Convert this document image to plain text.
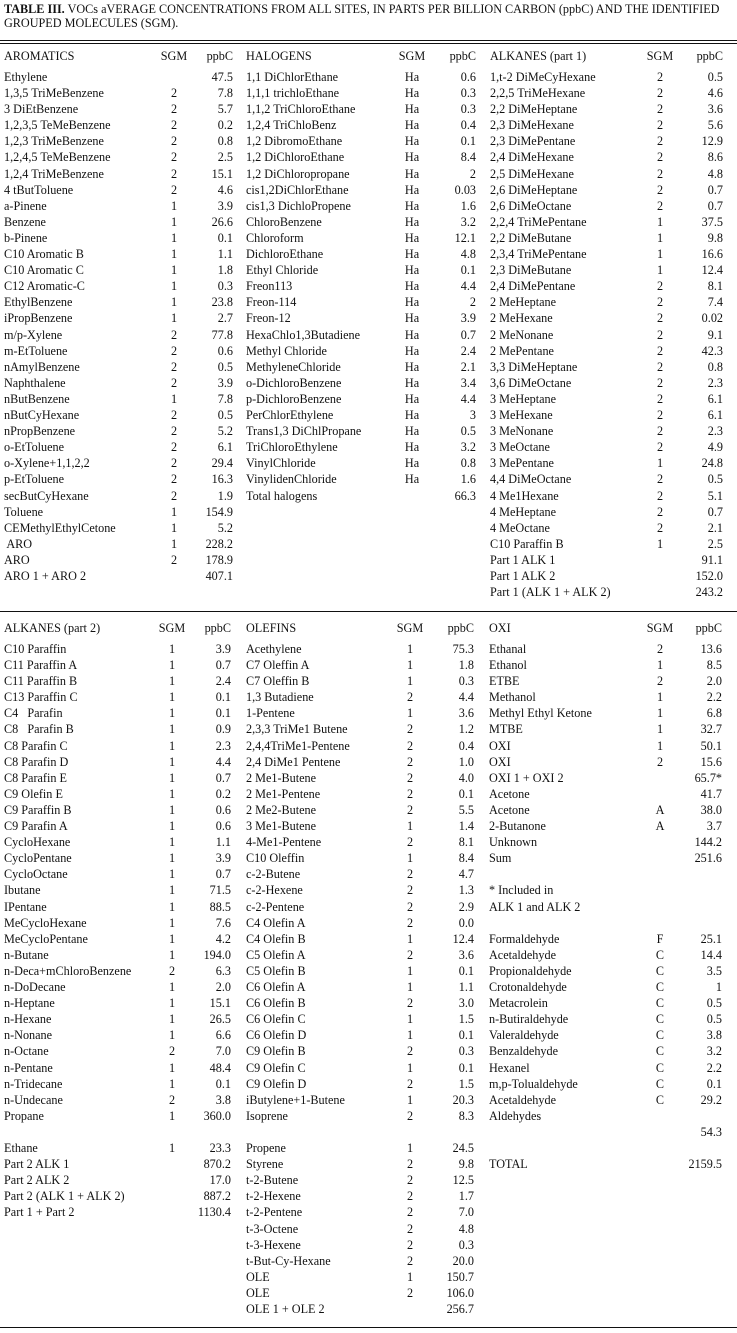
TABLE III. VOCs aVERAGE CONCENTRATIONS FROM ALL SITES, IN PARTS PER BILLION CARBON (ppbC) AND THE IDENTIFIED GROUPED MOLECULES (SGM).
AROMATICS	SGM	ppbC
Ethylene	47.5
1,3,5 TriMeBenzene	2	7.8
3 DiEtBenzene	2	5.7
1,2,3,5 TeMeBenzene	2	0.2
1,2,3 TriMeBenzene	2	0.8
1,2,4,5 TeMeBenzene	2	2.5
1,2,4 TriMeBenzene	2	15.1
4 tButToluene	2	4.6
a-Pinene	1	3.9
Benzene	1	26.6
b-Pinene	1	0.1
C10 Aromatic B	1	1.1
C10 Aromatic C	1	1.8
C12 Aromatic-C	1	0.3
EthylBenzene	1	23.8
iPropBenzene	1	2.7
m/p-Xylene	2	77.8
m-EtToluene	2	0.6
nAmylBenzene	2	0.5
Naphthalene	2	3.9
nButBenzene	1	7.8
nButCyHexane	2	0.5
nPropBenzene	2	5.2
o-EtToluene	2	6.1
o-Xylene+1,1,2,2	2	29.4
p-EtToluene	2	16.3
secButCyHexane	2	1.9
Toluene	1	154.9
CEMethylEthylCetone	1	5.2
ARO	1	228.2
ARO	2	178.9
ARO 1 + ARO 2	407.1
HALOGENS	SGM	ppbC
1,1 DiChlorEthane	Ha	0.6
1,1,1 trichloEthane	Ha	0.3
1,1,2 TriChloroEthane	Ha	0.3
1,2,4 TriChloBenz	Ha	0.4
1,2 DibromoEthane	Ha	0.1
1,2 DiChloroEthane	Ha	8.4
1,2 DiChloropropane	Ha	2
cis1,2DiChlorEthane	Ha	0.03
cis1,3 DichloPropene	Ha	1.6
ChloroBenzene	Ha	3.2
Chloroform	Ha	12.1
DichloroEthane	Ha	4.8
Ethyl Chloride	Ha	0.1
Freon113	Ha	4.4
Freon-114	Ha	2
Freon-12	Ha	3.9
HexaChlo1,3Butadiene	Ha	0.7
Methyl Chloride	Ha	2.4
MethyleneChloride	Ha	2.1
o-DichloroBenzene	Ha	3.4
p-DichloroBenzene	Ha	4.4
PerChlorEthylene	Ha	3
Trans1,3 DiChlPropane	Ha	0.5
TriChloroEthylene	Ha	3.2
VinylChloride	Ha	0.8
VinylidenChloride	Ha	1.6
Total halogens	66.3
ALKANES (part 1)	SGM	ppbC
1,t-2 DiMeCyHexane	2	0.5
2,2,5 TriMeHexane	2	4.6
2,2 DiMeHeptane	2	3.6
2,3 DiMeHexane	2	5.6
2,3 DiMePentane	2	12.9
2,4 DiMeHexane	2	8.6
2,5 DiMeHexane	2	4.8
2,6 DiMeHeptane	2	0.7
2,6 DiMeOctane	2	0.7
2,2,4 TriMePentane	1	37.5
2,2 DiMeButane	1	9.8
2,3,4 TriMePentane	1	16.6
2,3 DiMeButane	1	12.4
2,4 DiMePentane	2	8.1
2 MeHeptane	2	7.4
2 MeHexane	2	0.02
2 MeNonane	2	9.1
2 MePentane	2	42.3
3,3 DiMeHeptane	2	0.8
3,6 DiMeOctane	2	2.3
3 MeHeptane	2	6.1
3 MeHexane	2	6.1
3 MeNonane	2	2.3
3 MeOctane	2	4.9
3 MePentane	1	24.8
4,4 DiMeOctane	2	0.5
4 Me1Hexane	2	5.1
4 MeHeptane	2	0.7
4 MeOctane	2	2.1
C10 Paraffin B	1	2.5
Part 1 ALK 1	91.1
Part 1 ALK 2	152.0
Part 1 (ALK 1 + ALK 2)	243.2
ALKANES (part 2)	SGM	ppbC
C10 Paraffin	1	3.9
C11 Paraffin A	1	0.7
C11 Paraffin B	1	2.4
C13 Paraffin C	1	0.1
C4   Parafin	1	0.1
C8   Parafin B	1	0.9
C8 Parafin C	1	2.3
C8 Parafin D	1	4.4
C8 Parafin E	1	0.7
C9 Olefin E	1	0.2
C9 Paraffin B	1	0.6
C9 Parafin A	1	0.6
CycloHexane	1	1.1
CycloPentane	1	3.9
CycloOctane	1	0.7
Ibutane	1	71.5
IPentane	1	88.5
MeCycloHexane	1	7.6
MeCycloPentane	1	4.2
n-Butane	1	194.0
n-Deca+mChloroBenzene	2	6.3
n-DoDecane	1	2.0
n-Heptane	1	15.1
n-Hexane	1	26.5
n-Nonane	1	6.6
n-Octane	2	7.0
n-Pentane	1	48.4
n-Tridecane	1	0.1
n-Undecane	2	3.8
Propane	1	360.0
Ethane	1	23.3
Part 2 ALK 1	870.2
Part 2 ALK 2	17.0
Part 2 (ALK 1 + ALK 2)	887.2
Part 1 + Part 2	1130.4
OLEFINS	SGM	ppbC
Acethylene	1	75.3
C7 Oleffin A	1	1.8
C7 Oleffin B	1	0.3
1,3 Butadiene	2	4.4
1-Pentene	1	3.6
2,3,3 TriMe1 Butene	2	1.2
2,4,4TriMe1-Pentene	2	0.4
2,4 DiMe1 Pentene	2	1.0
2 Me1-Butene	2	4.0
2 Me1-Pentene	2	0.1
2 Me2-Butene	2	5.5
3 Me1-Butene	1	1.4
4-Me1-Pentene	2	8.1
C10 Oleffin	1	8.4
c-2-Butene	2	4.7
c-2-Hexene	2	1.3
c-2-Pentene	2	2.9
C4 Olefin A	2	0.0
C4 Olefin B	1	12.4
C5 Olefin A	2	3.6
C5 Olefin B	1	0.1
C6 Olefin A	1	1.1
C6 Olefin B	2	3.0
C6 Olefin C	1	1.5
C6 Olefin D	1	0.1
C9 Olefin B	2	0.3
C9 Olefin C	1	0.1
C9 Olefin D	2	1.5
iButylene+1-Butene	1	20.3
Isoprene	2	8.3
Propene	1	24.5
Styrene	2	9.8
t-2-Butene	2	12.5
t-2-Hexene	2	1.7
t-2-Pentene	2	7.0
t-3-Octene	2	4.8
t-3-Hexene	2	0.3
t-But-Cy-Hexane	2	20.0
OLE	1	150.7
OLE	2	106.0
OLE 1 + OLE 2	256.7
OXI	SGM	ppbC
Ethanal	2	13.6
Ethanol	1	8.5
ETBE	2	2.0
Methanol	1	2.2
Methyl Ethyl Ketone	1	6.8
MTBE	1	32.7
OXI	1	50.1
OXI	2	15.6
OXI 1 + OXI 2	65.7*
Acetone	41.7
Acetone	A	38.0
2-Butanone	A	3.7
Unknown	144.2
Sum	251.6
* Included in
ALK 1 and ALK 2
Formaldehyde	F	25.1
Acetaldehyde	C	14.4
Propionaldehyde	C	3.5
Crotonaldehyde	C	1
Metacrolein	C	0.5
n-Butiraldehyde	C	0.5
Valeraldehyde	C	3.8
Benzaldehyde	C	3.2
Hexanel	C	2.2
m,p-Tolualdehyde	C	0.1
Acetaldehyde	C	29.2
Aldehydes
54.3
TOTAL	2159.5
